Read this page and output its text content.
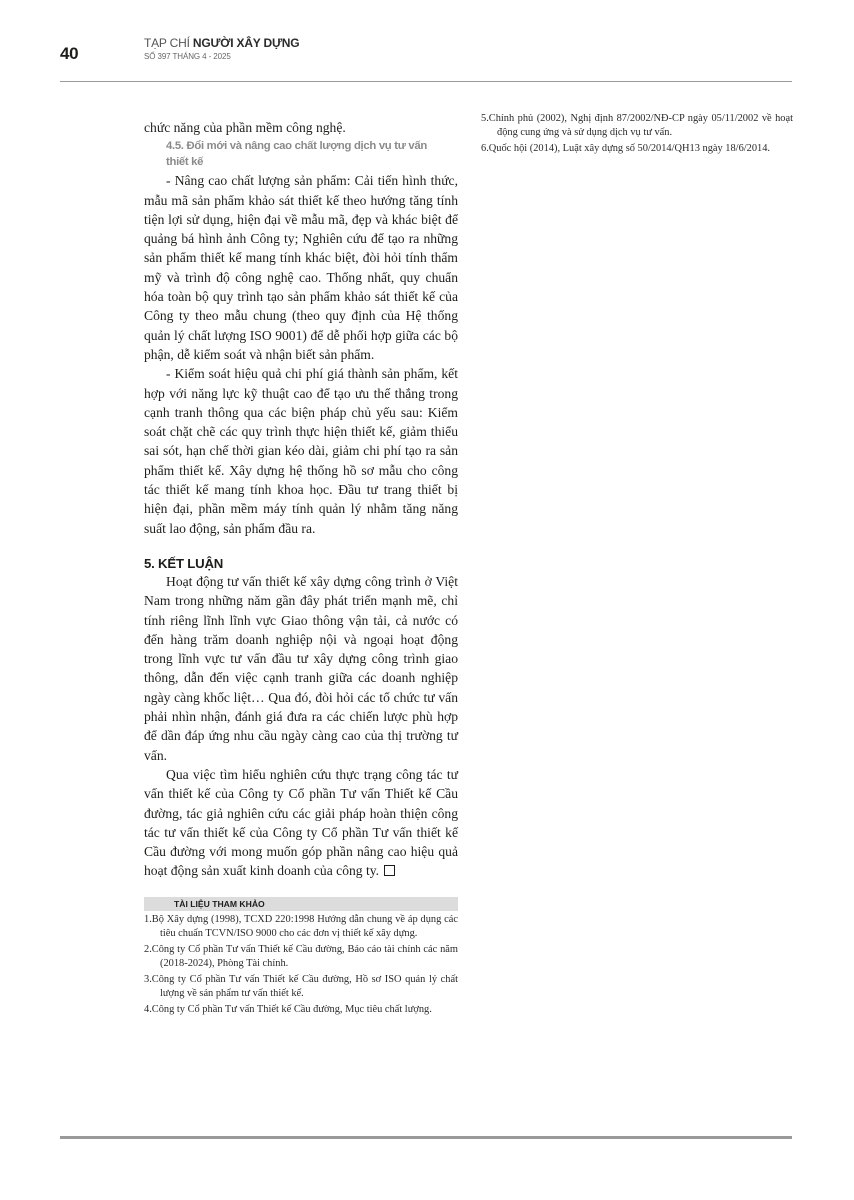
40
TẠP CHÍ NGƯỜI XÂY DỰNG
SỐ 397 THÁNG 4 - 2025

chức năng của phần mềm công nghệ.

4.5. Đổi mới và nâng cao chất lượng dịch vụ tư vấn thiết kế

- Nâng cao chất lượng sản phẩm: Cải tiến hình thức, mẫu mã sản phẩm khảo sát thiết kế theo hướng tăng tính tiện lợi sử dụng, hiện đại về mẫu mã, đẹp và khác biệt để quảng bá hình ảnh Công ty; Nghiên cứu để tạo ra những sản phẩm thiết kế mang tính khác biệt, đòi hỏi tính thẩm mỹ và trình độ công nghệ cao. Thống nhất, quy chuẩn hóa toàn bộ quy trình tạo sản phẩm khảo sát thiết kế của Công ty theo mẫu chung (theo quy định của Hệ thống quản lý chất lượng ISO 9001) để dễ phối hợp giữa các bộ phận, dễ kiểm soát và nhận biết sản phẩm.

- Kiểm soát hiệu quả chi phí giá thành sản phẩm, kết hợp với năng lực kỹ thuật cao để tạo ưu thế thắng trong cạnh tranh thông qua các biện pháp chủ yếu sau: Kiểm soát chặt chẽ các quy trình thực hiện thiết kế, giảm thiểu sai sót, hạn chế thời gian kéo dài, giảm chi phí tạo ra sản phẩm thiết kế. Xây dựng hệ thống hồ sơ mẫu cho công tác thiết kế mang tính khoa học. Đầu tư trang thiết bị hiện đại, phần mềm máy tính quản lý nhằm tăng năng suất lao động, sản phẩm đầu ra.

5. KẾT LUẬN

Hoạt động tư vấn thiết kế xây dựng công trình ở Việt Nam trong những năm gần đây phát triển mạnh mẽ, chỉ tính riêng lĩnh lĩnh vực Giao thông vận tải, cả nước có đến hàng trăm doanh nghiệp nội và ngoại hoạt động trong lĩnh vực tư vấn đầu tư xây dựng công trình giao thông, dẫn đến việc cạnh tranh giữa các doanh nghiệp ngày càng khốc liệt… Qua đó, đòi hỏi các tổ chức tư vấn phải nhìn nhận, đánh giá đưa ra các chiến lược phù hợp để dần đáp ứng nhu cầu ngày càng cao của thị trường tư vấn.

Qua việc tìm hiểu nghiên cứu thực trạng công tác tư vấn thiết kế của Công ty Cổ phần Tư vấn Thiết kế Cầu đường, tác giả nghiên cứu các giải pháp hoàn thiện công tác tư vấn thiết kế của Công ty Cổ phần Tư vấn thiết kế Cầu đường với mong muốn góp phần nâng cao hiệu quả hoạt động sản xuất kinh doanh của công ty.

TÀI LIỆU THAM KHẢO
1.Bộ Xây dựng (1998), TCXD 220:1998 Hướng dẫn chung về áp dụng các tiêu chuẩn TCVN/ISO 9000 cho các đơn vị thiết kế xây dựng.
2.Công ty Cổ phần Tư vấn Thiết kế Cầu đường, Báo cáo tài chính các năm (2018-2024), Phòng Tài chính.
3.Công ty Cổ phần Tư vấn Thiết kế Cầu đường, Hồ sơ ISO quản lý chất lượng về sản phẩm tư vấn thiết kế.
4.Công ty Cổ phần Tư vấn Thiết kế Cầu đường, Mục tiêu chất lượng.
5.Chính phủ (2002), Nghị định 87/2002/NĐ-CP ngày 05/11/2002 về hoạt động cung ứng và sử dụng dịch vụ tư vấn.
6.Quốc hội (2014), Luật xây dựng số 50/2014/QH13 ngày 18/6/2014.
